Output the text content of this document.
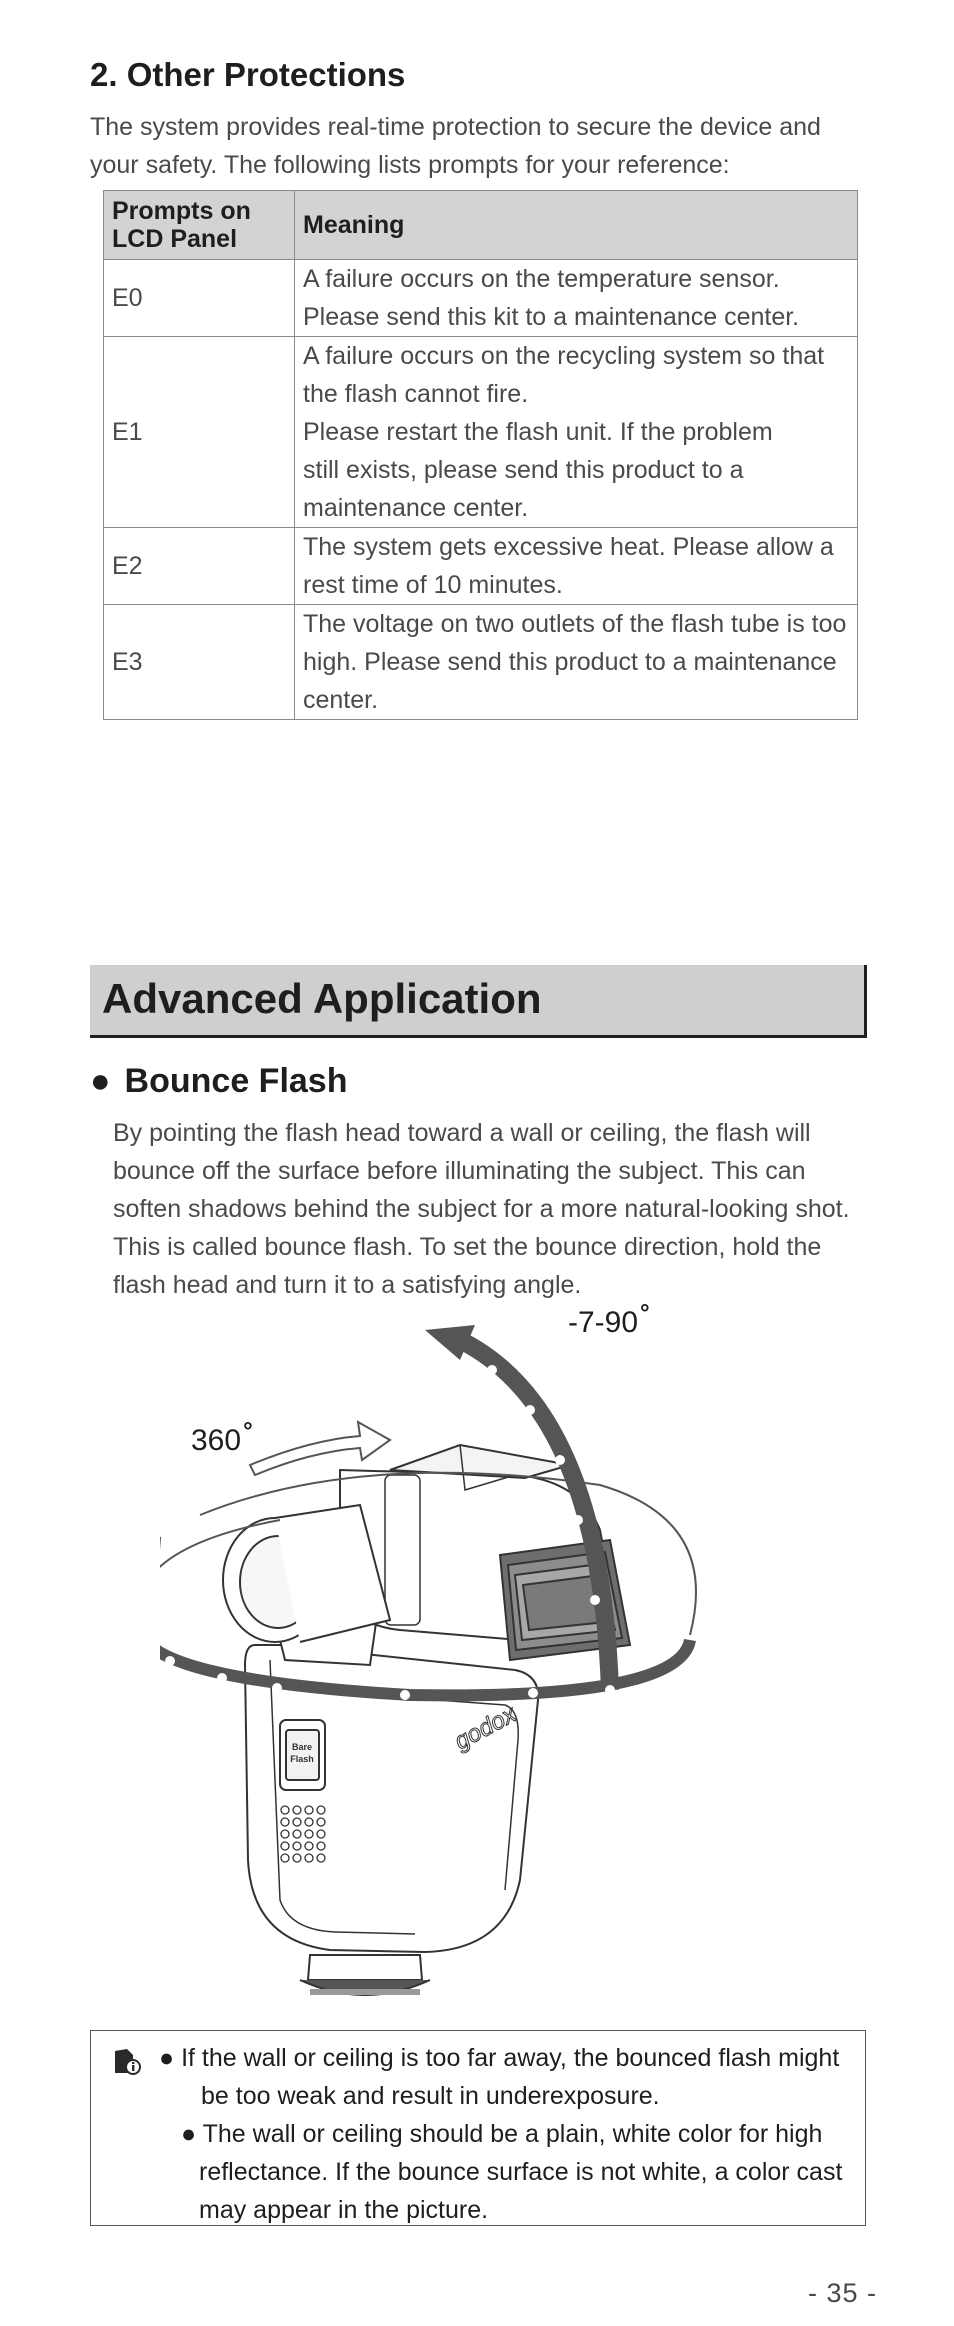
2. Other Protections
The system provides real-time protection to secure the device and
your safety. The following lists prompts for your reference:
Prompts on
LCD Panel	Meaning
E0	A failure occurs on the temperature sensor.
Please send this kit to a maintenance center.

E1	A failure occurs on the recycling system so that
the flash cannot fire.
Please restart the flash unit. If the problem
still exists, please send this product to a
maintenance center.

E2	The system gets excessive heat. Please allow a
rest time of 10 minutes.

E3	The voltage on two outlets of the flash tube is too
high. Please send this product to a maintenance
center.
Advanced Application
● Bounce Flash
By pointing the flash head toward a wall or ceiling, the flash will
bounce off the surface before illuminating the subject. This can
soften shadows behind the subject for a more natural-looking shot.
This is called bounce flash. To set the bounce direction, hold the
flash head and turn it to a satisfying angle.
Bare
Flash
godox
-7-90°
360°
● If the wall or ceiling is too far away, the bounced flash might
be too weak and result in underexposure.
● The wall or ceiling should be a plain, white color for high
reflectance. If the bounce surface is not white, a color cast
may appear in the picture.
- 35 -
